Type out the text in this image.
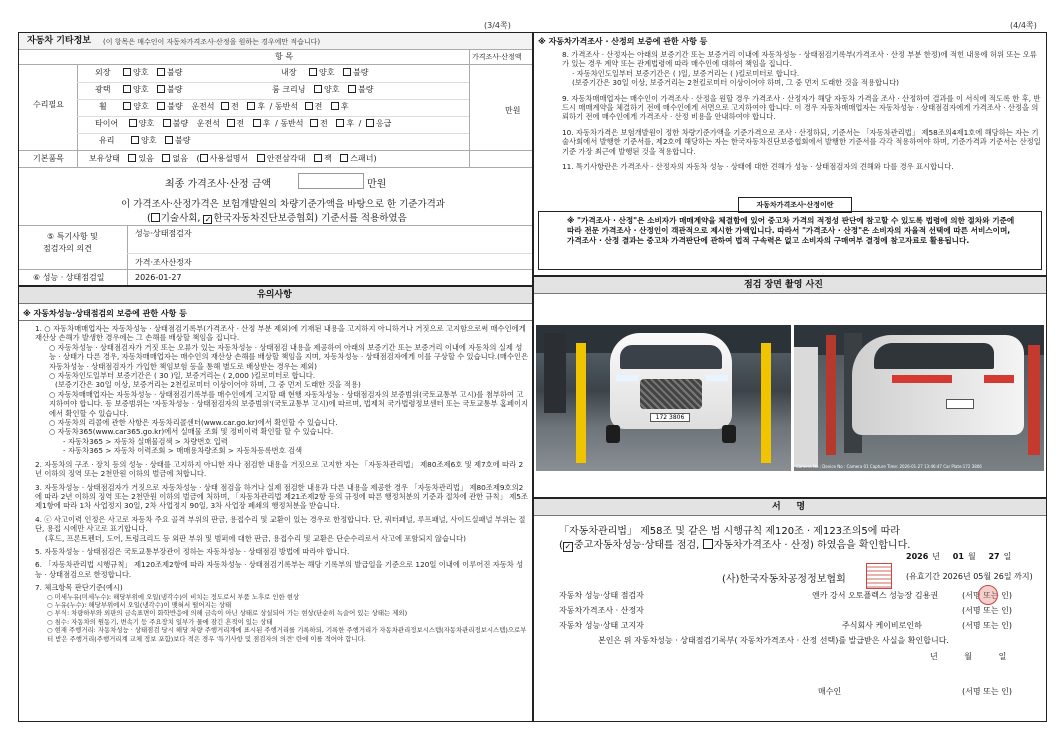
(3/4쪽)	(4/4쪽)
자동차 기타정보 (이 항목은 매수인이 자동차가격조사·산정을 원하는 경우에만 적습니다)
항 목	가격조사·산정액
수리필요
만원
외장	양호 불량	내장	양호 불량
광택	양호 불량	룸 크리닝 양호 불량
휠	양호 불량 운전석 전 후 / 동반석 전 후
타이어	양호 불량 운전석 전 후 / 동반석 전 후 / 응급
유리	양호 불량
기본품목	보유상태 있음 없음 ( 사용설명서 안전삼각대 잭 스패너)
최종 가격조사·산정 금액	만원
이 가격조사·산정가격은 보험개발원의 차량기준가액을 바탕으로 한 기준가격과
( 기술사회, ✓ 한국자동차진단보증협회) 기준서를 적용하였음
⑤ 특기사항 및
점검자의 의견
성능·상태점검자
가격·조사산정자
⑥ 성능 · 상태점검일	2026-01-27
유의사항
※ 자동차성능·상태점검의 보증에 관한 사항 등

1. ○ 자동차매매업자는 자동차성능 · 상태점검기록부(가격조사 · 산정 부분 제외)에 기재된 내용을 고지하지 아니하거나 거짓으로 고지함으로써 매수인에게 재산상 손해가 발생한 경우에는 그 손해를 배상할 책임을 집니다.

○ 자동차성능 · 상태점검자가 거짓 또는 오류가 있는 자동차성능 · 상태점검 내용을 제공하여 아래의 보증기간 또는 보증거리 이내에 자동차의 실제 성능 · 상태가 다른 경우, 자동차매매업자는 매수인의 재산상 손해를 배상할 책임을 지며, 자동차성능 · 상태점검자에게 이를 구상할 수 있습니다.(매수인은 자동차성능 · 상태점검자가 가입한 책임보험 등을 통해 별도로 배상받는 경우는 제외)

○ 자동차인도일부터 보증기간은 ( 30 )일, 보증거리는 ( 2,000 )킬로미터로 합니다.

(보증기간은 30일 이상, 보증거리는 2천킬로미터 이상이어야 하며, 그 중 먼저 도래한 것을 적용)

○ 자동차매매업자는 자동차성능 · 상태점검기록부를 매수인에게 고지할 때 현행 자동차성능 · 상태점검자의 보증범위(국토교통부 고시)를 첨부하여 고지하여야 합니다. 동 보증범위는 '자동차성능 · 상태점검자의 보증범위'(국토교통부 고시)에 따르며, 법제처 국가법령정보센터 또는 국토교통부 홈페이지에서 확인할 수 있습니다.

○ 자동차의 리콜에 관한 사항은 자동차리콜센터(www.car.go.kr)에서 확인할 수 있습니다.

○ 자동차365(www.car365.go.kr)에서 실매물 조회 및 정비이력 확인할 할 수 있습니다.

- 자동차365 > 자동차 실매물검색 > 차량번호 입력

- 자동차365 > 자동차 이력조회 > 매매용차량조회 > 자동차등록번호 검색

2. 자동차의 구조 · 장치 등의 성능 · 상태를 고지하지 아니한 자나 점검한 내용을 거짓으로 고지한 자는 「자동차관리법」 제80조제6호 및 제7호에 따라 2년 이하의 징역 또는 2천만원 이하의 벌금에 처합니다.

3. 자동차성능 · 상태점검자가 거짓으로 자동차성능 · 상태 점검을 하거나 실제 점검한 내용과 다른 내용을 제공한 경우 「자동차관리법」 제80조제9호의2에 따라 2년 이하의 징역 또는 2천만원 이하의 벌금에 처하며, 「자동차관리법 제21조제2항 등의 규정에 따른 행정처분의 기준과 절차에 관한 규칙」 제5조제1항에 따라 1차 사업정지 30일, 2차 사업정지 90일, 3차 사업장 폐쇄의 행정처분을 받습니다.

4. ⓒ 사고이력 인정은 사고로 자동차 주요 골격 부위의 판금, 용접수리 및 교환이 있는 경우로 한정합니다. 단, 쿼터패널, 루프패널, 사이드실패널 부위는 절단, 용접 시에만 사고로 표기합니다.

(후드, 프론트펜더, 도어, 트렁크리드 등 외판 부위 및 범퍼에 대한 판금, 용접수리 및 교환은 단순수리로서 사고에 포함되지 않습니다)

5. 자동차성능 · 상태점검은 국토교통부장관이 정하는 자동차성능 · 상태점검 방법에 따라야 합니다.

6. 「자동차관리법 시행규칙」 제120조제2항에 따라 자동차성능 · 상태점검기록부는 해당 기록부의 발급일을 기준으로 120일 이내에 이루어진 자동차 성능 · 상태점검으로 한정합니다.

7. 체크항목 판단기준(예시)

○ 미세누유(미세누수): 해당부위에 오일(냉각수)이 비치는 정도로서 부품 노후로 인한 현상

○ 누유(누수): 해당부위에서 오일(냉각수)이 맺혀서 떨어지는 상태

○ 부식: 차량하부와 외판의 금속표면이 화학반응에 의해 금속이 아닌 상태로 상실되어 가는 현상(단순히 녹슬어 있는 상태는 제외)

○ 침수: 자동차의 원동기, 변속기 등 주요장치 일부가 물에 잠긴 흔적이 있는 상태

○ 현재 주행거리: 자동차성능 · 상태점검 당시 해당 차량 주행거리계에 표시된 주행거리를 기록하되, 기록한 주행거리가 자동차관리정보시스템(자동차관리정보시스템)으로부터 받은 주행거리(주행거리계 교체 정보 포함)보다 적은 경우 '특기사항 및 점검자의 의견' 란에 이를 적어야 합니다.

※ 자동차가격조사 · 산정의 보증에 관한 사항 등

8. 가격조사 · 산정자는 아래의 보증기간 또는 보증거리 이내에 자동차성능 · 상태점검기록부(가격조사 · 산정 부분 한정)에 적힌 내용에 허위 또는 오류가 있는 경우 계약 또는 관계법령에 따라 매수인에 대하여 책임을 집니다.

· 자동차인도일부터 보증기간은 ( )일, 보증거리는 ( )킬로미터로 합니다.

(보증기간은 30일 이상, 보증거리는 2천킬로미터 이상이어야 하며, 그 중 먼저 도래한 것을 적용합니다)

9. 자동차매매업자는 매수인이 가격조사 · 산정을 원할 경우 가격조사 · 산정자가 해당 자동차 가격을 조사 · 산정하여 결과를 이 서식에 적도록 한 후, 반드시 매매계약을 체결하기 전에 매수인에게 서면으로 고지하여야 합니다. 이 경우 자동차매매업자는 자동차성능 · 상태점검자에게 가격조사 · 산정을 의뢰하기 전에 매수인에게 가격조사 · 산정 비용을 안내하여야 합니다.

10. 자동차가격은 보험개발원이 정한 차량기준가액을 기준가격으로 조사 · 산정하되, 기준서는 「자동차관리법」 제58조의4제1호에 해당하는 자는 기술사회에서 발행한 기준서를, 제2호에 해당하는 자는 한국자동차진단보증협회에서 발행한 기준서를 각각 적용하여야 하며, 기준가격과 기준서는 산정일 기준 가장 최근에 발행된 것을 적용합니다.

11. 특기사항란은 가격조사 · 산정자의 자동차 성능 · 상태에 대한 견해가 성능 · 상태점검자의 견해와 다를 경우 표시합니다.

자동차가격조사·산정이란
※ "가격조사 · 산정"은 소비자가 매매계약을 체결함에 있어 중고차 가격의 적정성 판단에 참고할 수 있도록 법령에 의한 절차와 기준에 따라 전문 가격조사 · 산정인이 객관적으로 제시한 가액입니다. 따라서 "가격조사 · 산정"은 소비자의 자율적 선택에 따른 서비스이며, 가격조사 · 산정 결과는 중고차 가격판단에 관하여 법적 구속력은 없고 소비자의 구매여부 결정에 참고자료로 활용됩니다.
점검 장면 촬영 사진
172 3806
Camera No : Device No : Camera 01 Capture Time: 2026-01-27 13:46:47 Car Plate:172 3806
서     명
「자동차관리법」 제58조 및 같은 법 시행규칙 제120조 · 제123조의5에 따라
( ✓ 중고자동차성능·상태를 점검, 자동차가격조사 · 산정) 하였음을 확인합니다.
2026 년 01 월 27 일
(사)한국자동차공정정보협회	(유효기간 2026년 05월 26일 까지)
자동차 성능·상태 점검자	엔카 강서 오토플렉스 성능장 김용권	(서명 또는 인)
자동차가격조사 · 산정자	(서명 또는 인)
자동차 성능·상태 고지자	주식회사 케이비로인하	(서명 또는 인)
본인은 위 자동차성능 · 상태점검기록부( 자동차가격조사 · 산정 선택)를 발급받은 사실을 확인합니다.
년	월	일
매수인	(서명 또는 인)
